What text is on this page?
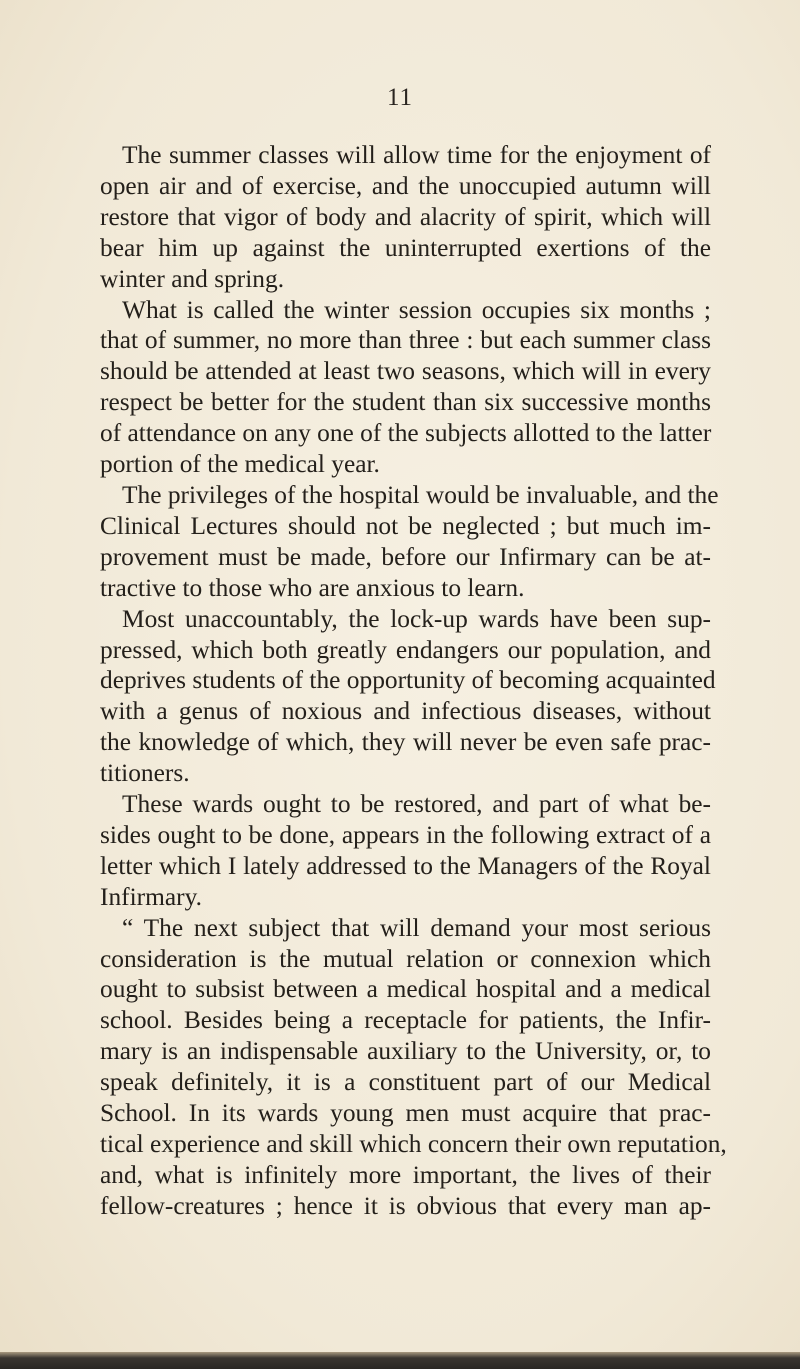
11

The summer classes will allow time for the enjoyment of
open air and of exercise, and the unoccupied autumn will
restore that vigor of body and alacrity of spirit, which will
bear him up against the uninterrupted exertions of the
winter and spring.

What is called the winter session occupies six months ;
that of summer, no more than three : but each summer class
should be attended at least two seasons, which will in every
respect be better for the student than six successive months
of attendance on any one of the subjects allotted to the latter
portion of the medical year.

The privileges of the hospital would be invaluable, and the
Clinical Lectures should not be neglected ; but much im-
provement must be made, before our Infirmary can be at-
tractive to those who are anxious to learn.

Most unaccountably, the lock-up wards have been sup-
pressed, which both greatly endangers our population, and
deprives students of the opportunity of becoming acquainted
with a genus of noxious and infectious diseases, without
the knowledge of which, they will never be even safe prac-
titioners.

These wards ought to be restored, and part of what be-
sides ought to be done, appears in the following extract of a
letter which I lately addressed to the Managers of the Royal
Infirmary.

“ The next subject that will demand your most serious
consideration is the mutual relation or connexion which
ought to subsist between a medical hospital and a medical
school. Besides being a receptacle for patients, the Infir-
mary is an indispensable auxiliary to the University, or, to
speak definitely, it is a constituent part of our Medical
School. In its wards young men must acquire that prac-
tical experience and skill which concern their own reputation,
and, what is infinitely more important, the lives of their
fellow-creatures ; hence it is obvious that every man ap-
